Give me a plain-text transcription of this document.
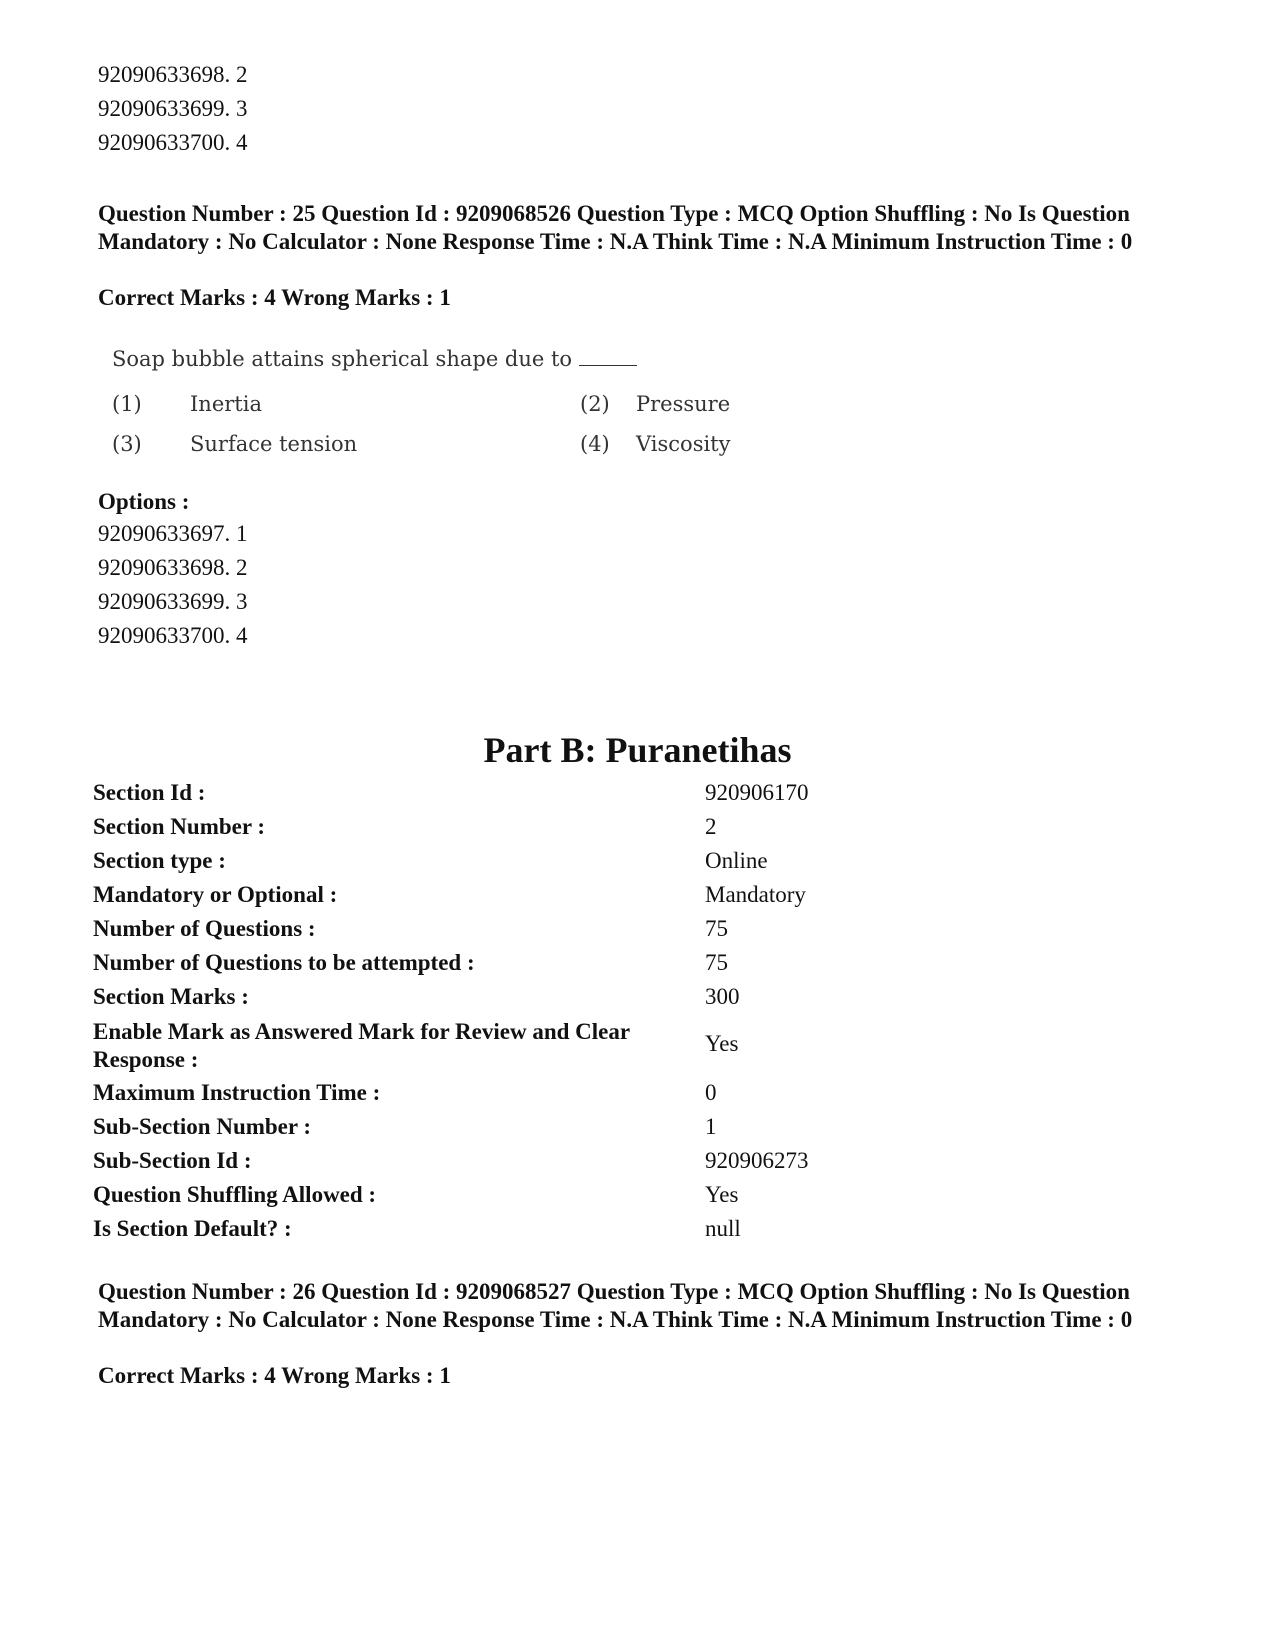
92090633698. 2
92090633699. 3
92090633700. 4
Question Number : 25 Question Id : 9209068526 Question Type : MCQ Option Shuffling : No Is Question Mandatory : No Calculator : None Response Time : N.A Think Time : N.A Minimum Instruction Time : 0
Correct Marks : 4 Wrong Marks : 1
Soap bubble attains spherical shape due to
(1) Inertia	(2) Pressure
(3) Surface tension	(4) Viscosity
Options :
92090633697. 1
92090633698. 2
92090633699. 3
92090633700. 4
Part B: Puranetihas
Section Id :	920906170
Section Number :	2
Section type :	Online
Mandatory or Optional :	Mandatory
Number of Questions :	75
Number of Questions to be attempted :	75
Section Marks :	300
Enable Mark as Answered Mark for Review and Clear Response :
Yes
Maximum Instruction Time :	0
Sub-Section Number :	1
Sub-Section Id :	920906273
Question Shuffling Allowed :	Yes
Is Section Default? :	null
Question Number : 26 Question Id : 9209068527 Question Type : MCQ Option Shuffling : No Is Question Mandatory : No Calculator : None Response Time : N.A Think Time : N.A Minimum Instruction Time : 0
Correct Marks : 4 Wrong Marks : 1
